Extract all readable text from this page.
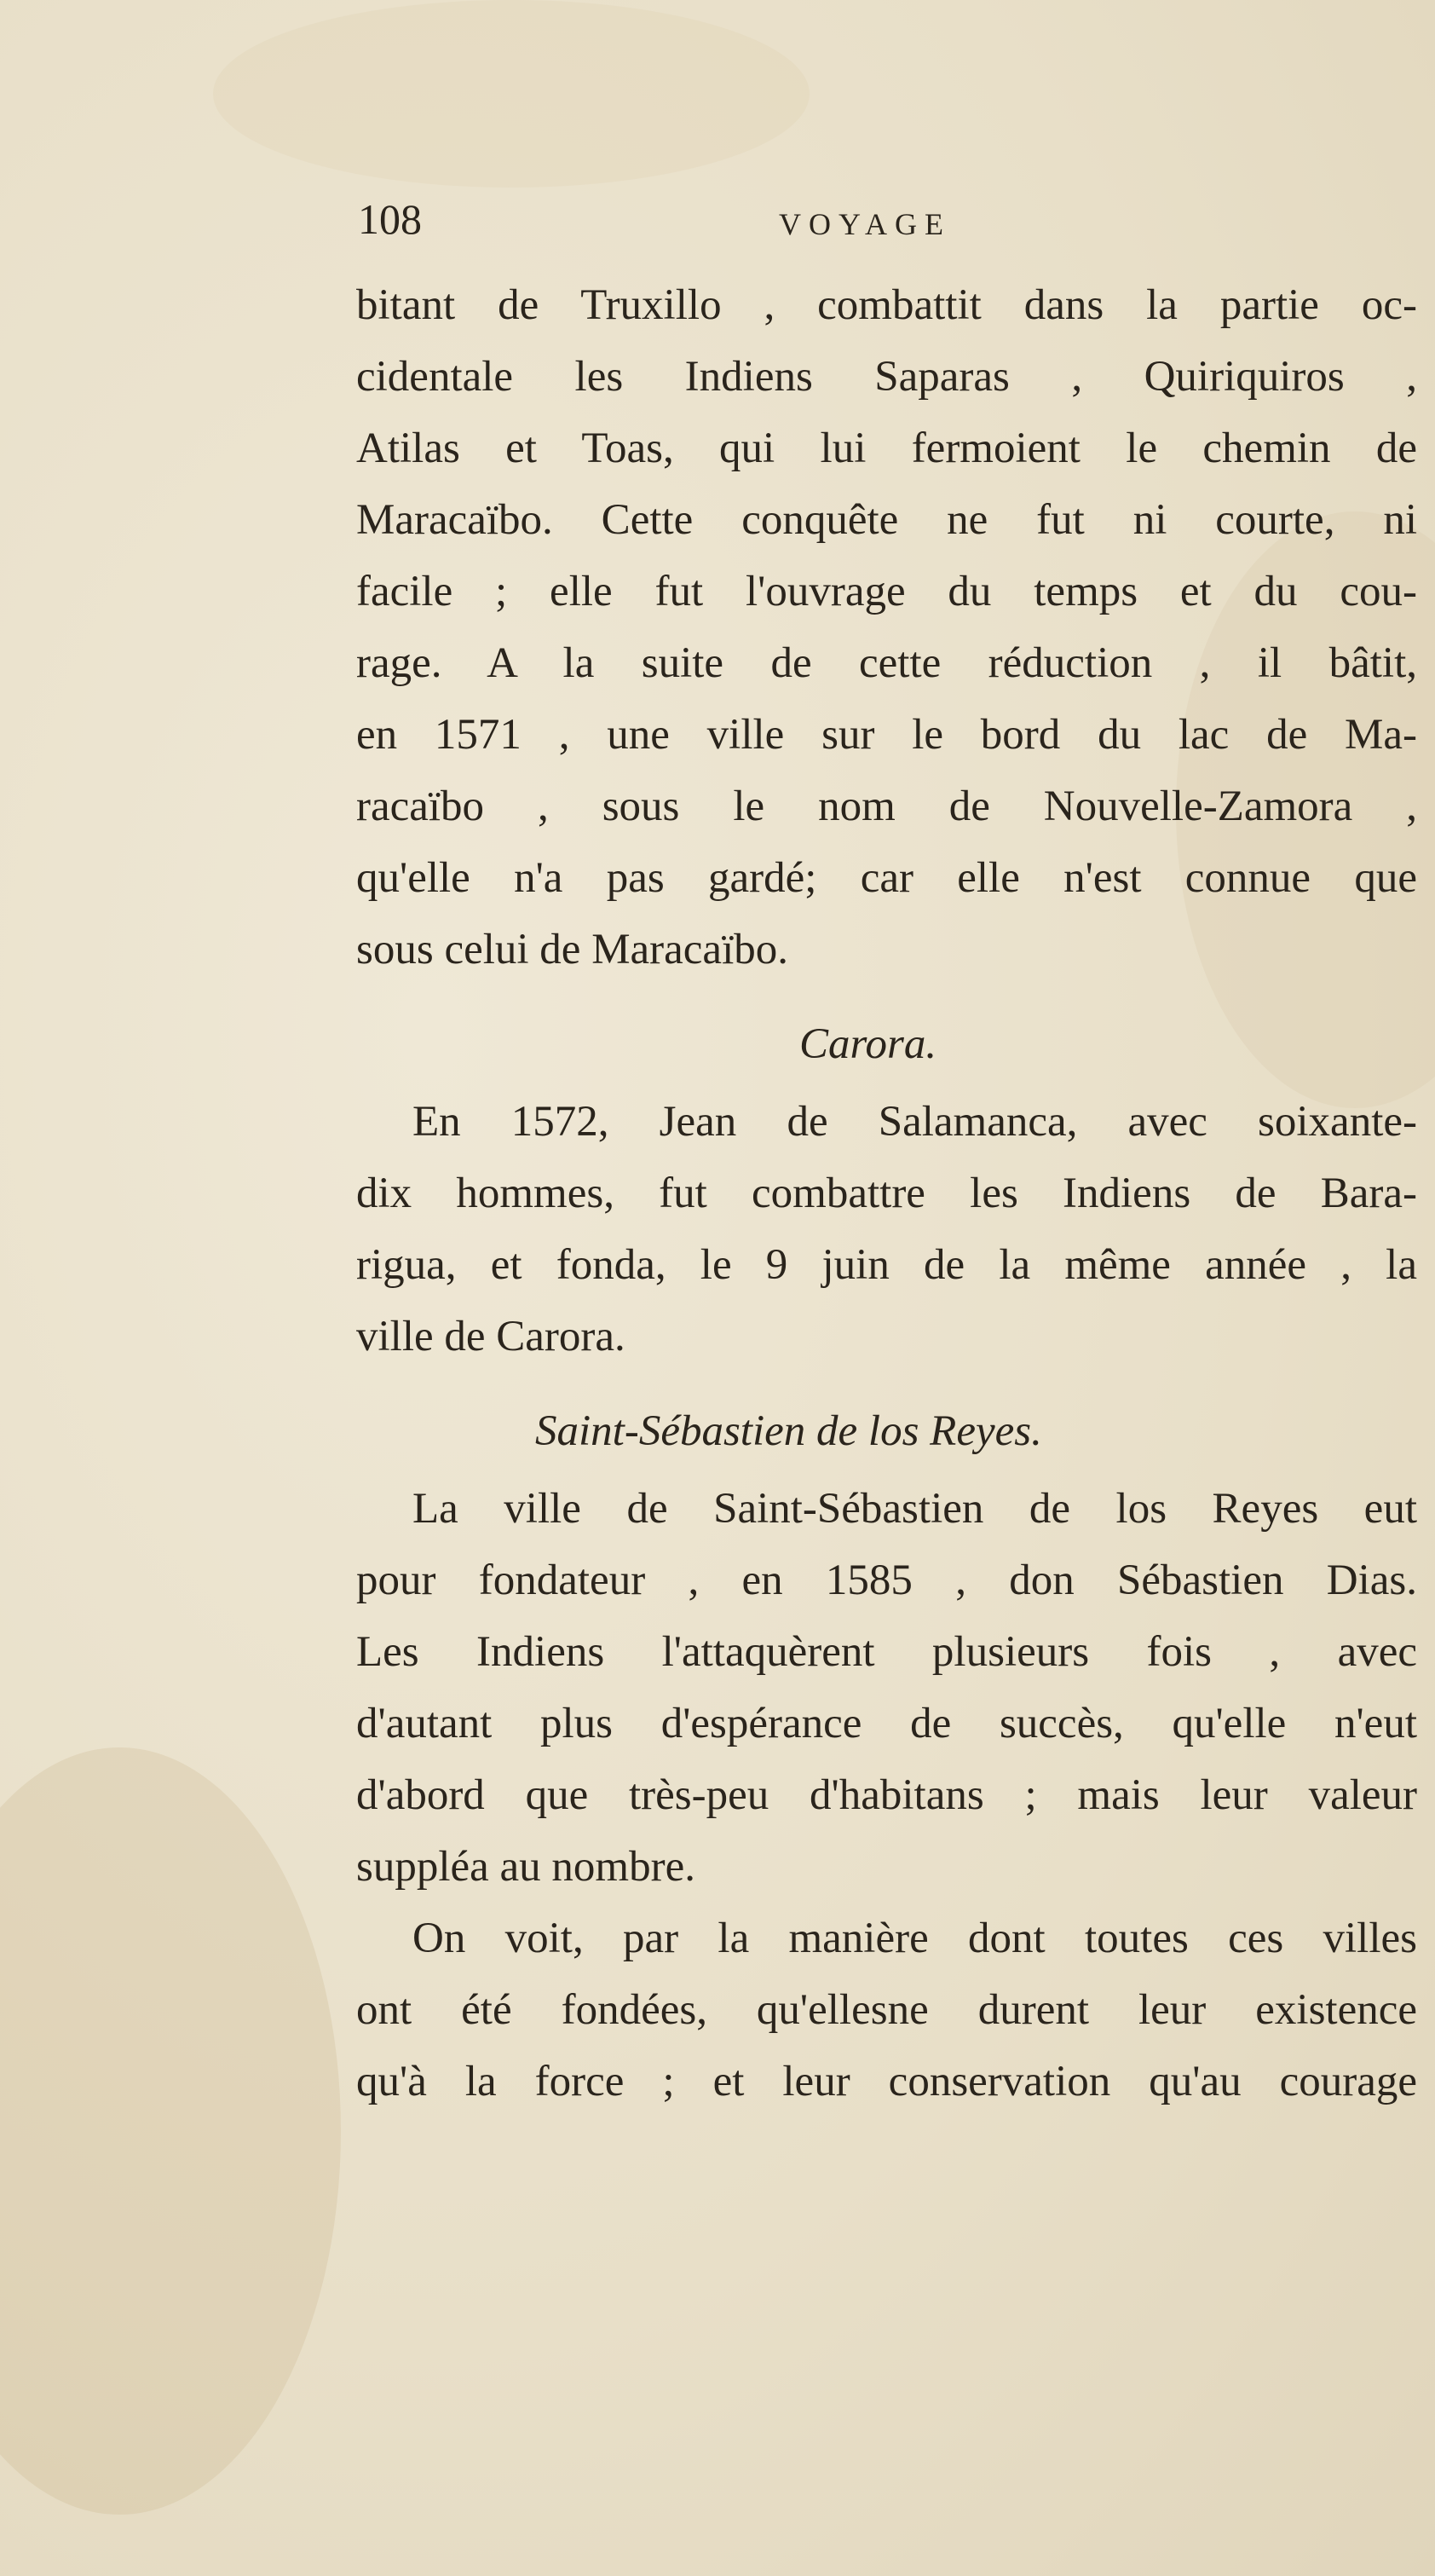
108	VOYAGE
bitant de Truxillo , combattit dans la partie oc-
cidentale les Indiens Saparas , Quiriquiros ,
Atilas et Toas, qui lui fermoient le chemin de
Maracaïbo. Cette conquête ne fut ni courte, ni
facile ; elle fut l'ouvrage du temps et du cou-
rage. A la suite de cette réduction , il bâtit,
en 1571 , une ville sur le bord du lac de Ma-
racaïbo , sous le nom de Nouvelle-Zamora ,
qu'elle n'a pas gardé; car elle n'est connue que
sous celui de Maracaïbo.
Carora.
En 1572, Jean de Salamanca, avec soixante-
dix hommes, fut combattre les Indiens de Bara-
rigua, et fonda, le 9 juin de la même année , la
ville de Carora.
Saint-Sébastien de los Reyes.
La ville de Saint-Sébastien de los Reyes eut
pour fondateur , en 1585 , don Sébastien Dias.
Les Indiens l'attaquèrent plusieurs fois , avec
d'autant plus d'espérance de succès, qu'elle n'eut
d'abord que très-peu d'habitans ; mais leur valeur
suppléa au nombre.
On voit, par la manière dont toutes ces villes
ont été fondées, qu'ellesne durent leur existence
qu'à la force ; et leur conservation qu'au courage
